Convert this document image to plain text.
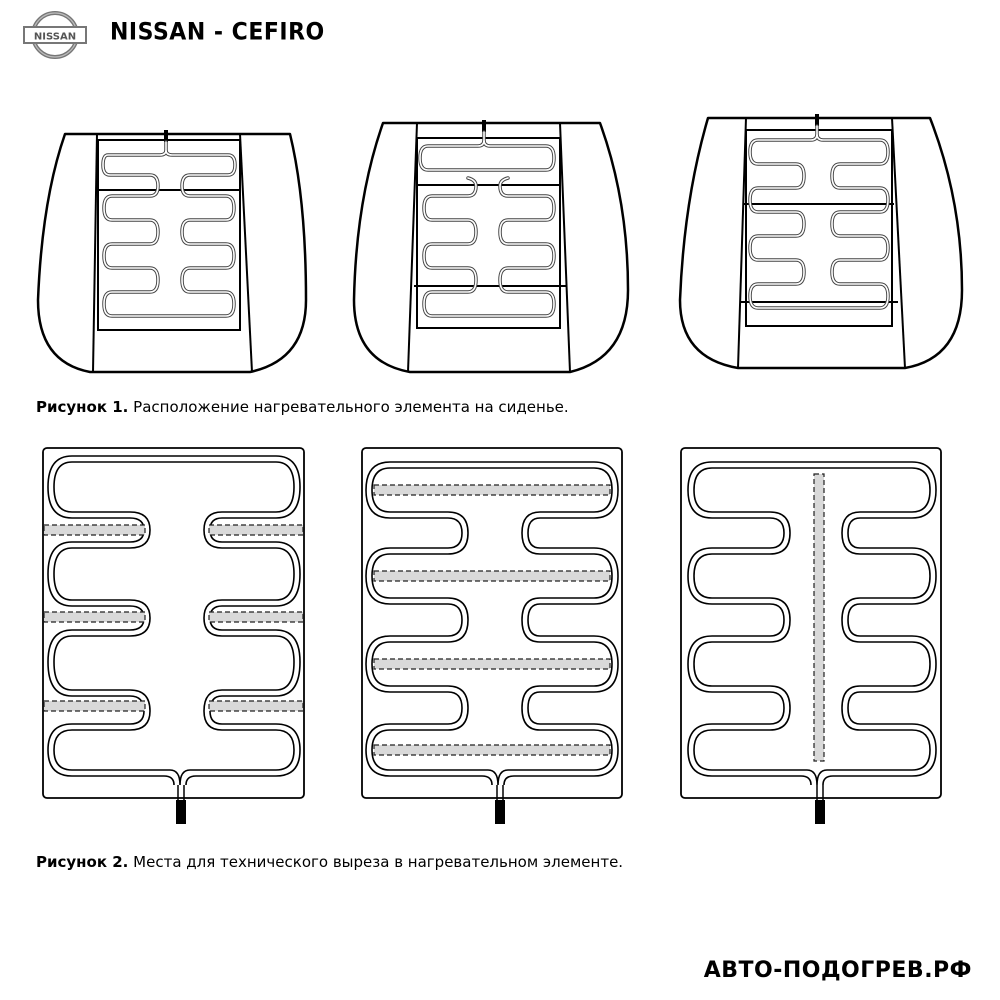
NISSAN NISSAN - CEFIRO
Рисунок 1. Расположение нагревательного элемента на сиденье.
Рисунок 2. Места для технического выреза в нагревательном элементе.
АВТО-ПОДОГРЕВ.РФ
